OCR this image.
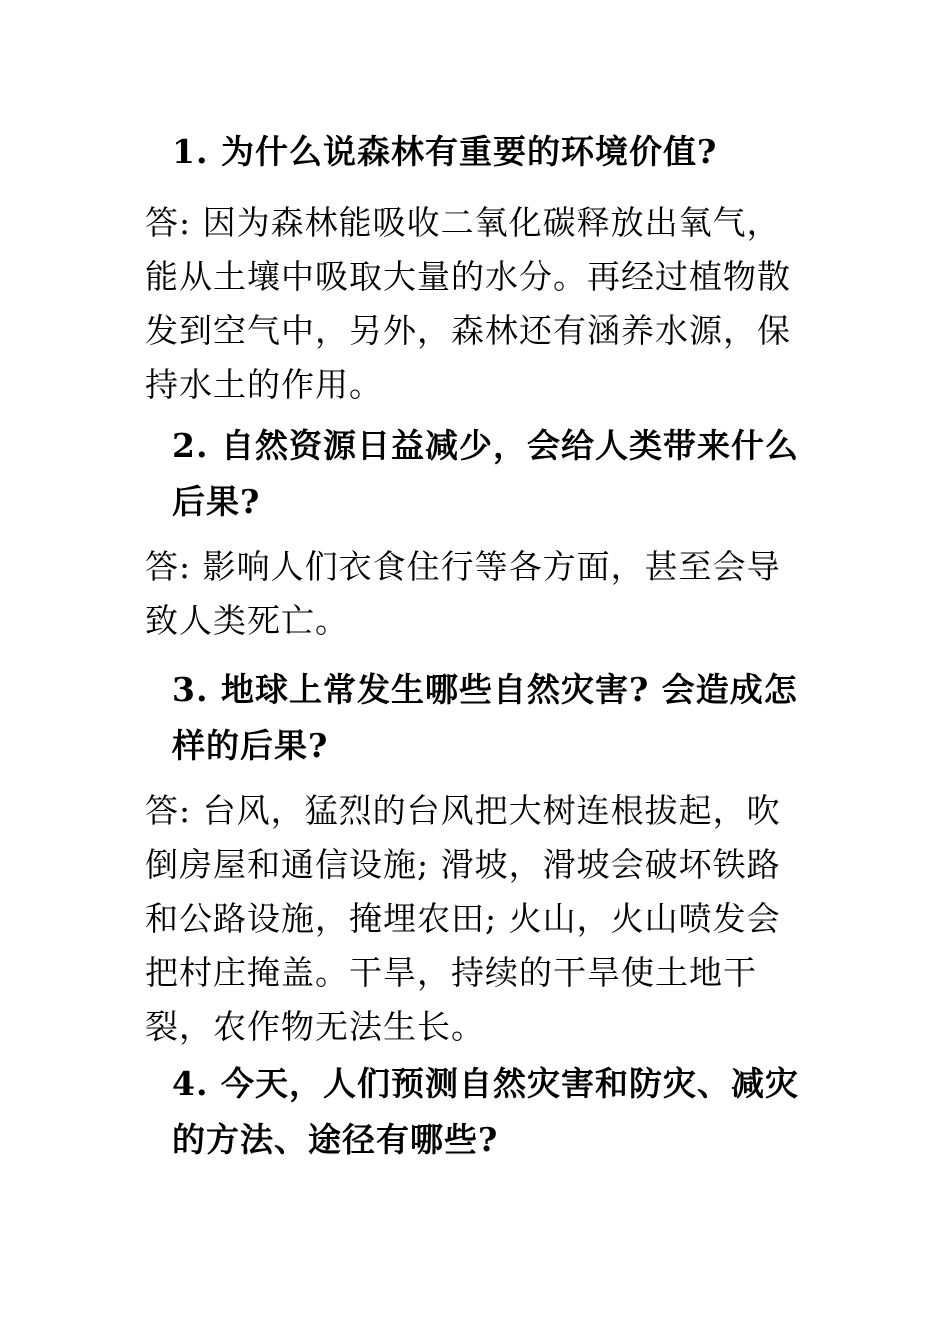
1. 为什么说森林有重要的环境价值?

答: 因为森林能吸收二氧化碳释放出氧气，能从土壤中吸取大量的水分。再经过植物散发到空气中，另外，森林还有涵养水源，保持水土的作用。

2. 自然资源日益减少，会给人类带来什么后果?

答: 影响人们衣食住行等各方面，甚至会导致人类死亡。

3. 地球上常发生哪些自然灾害? 会造成怎样的后果?

答: 台风，猛烈的台风把大树连根拔起，吹倒房屋和通信设施; 滑坡，滑坡会破坏铁路和公路设施，掩埋农田; 火山，火山喷发会把村庄掩盖。干旱，持续的干旱使土地干裂，农作物无法生长。

4. 今天，人们预测自然灾害和防灾、减灾的方法、途径有哪些?
